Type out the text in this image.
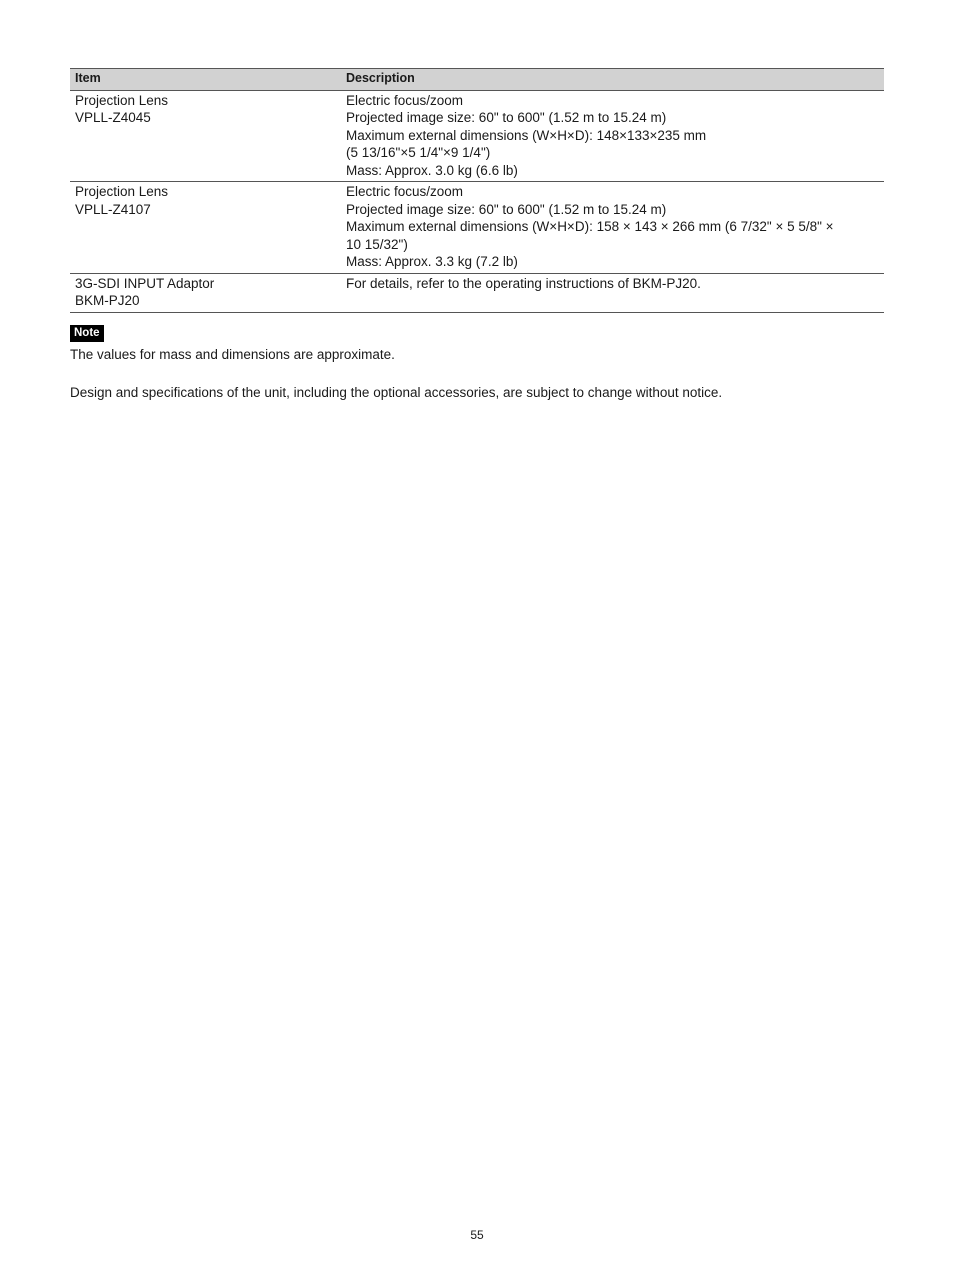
Item	Description

Projection Lens
VPLL-Z4045	Electric focus/zoom
Projected image size: 60" to 600" (1.52 m to 15.24 m)
Maximum external dimensions (W×H×D): 148×133×235 mm
(5 13/16"×5 1/4"×9 1/4")
Mass: Approx. 3.0 kg (6.6 lb)

Projection Lens
VPLL-Z4107	Electric focus/zoom
Projected image size: 60" to 600" (1.52 m to 15.24 m)
Maximum external dimensions (W×H×D): 158 × 143 × 266 mm (6 7/32" × 5 5/8" ×
10 15/32")
Mass: Approx. 3.3 kg (7.2 lb)

3G-SDI INPUT Adaptor
BKM-PJ20	For details, refer to the operating instructions of BKM-PJ20.
Note
The values for mass and dimensions are approximate.
Design and specifications of the unit, including the optional accessories, are subject to change without notice.
55
